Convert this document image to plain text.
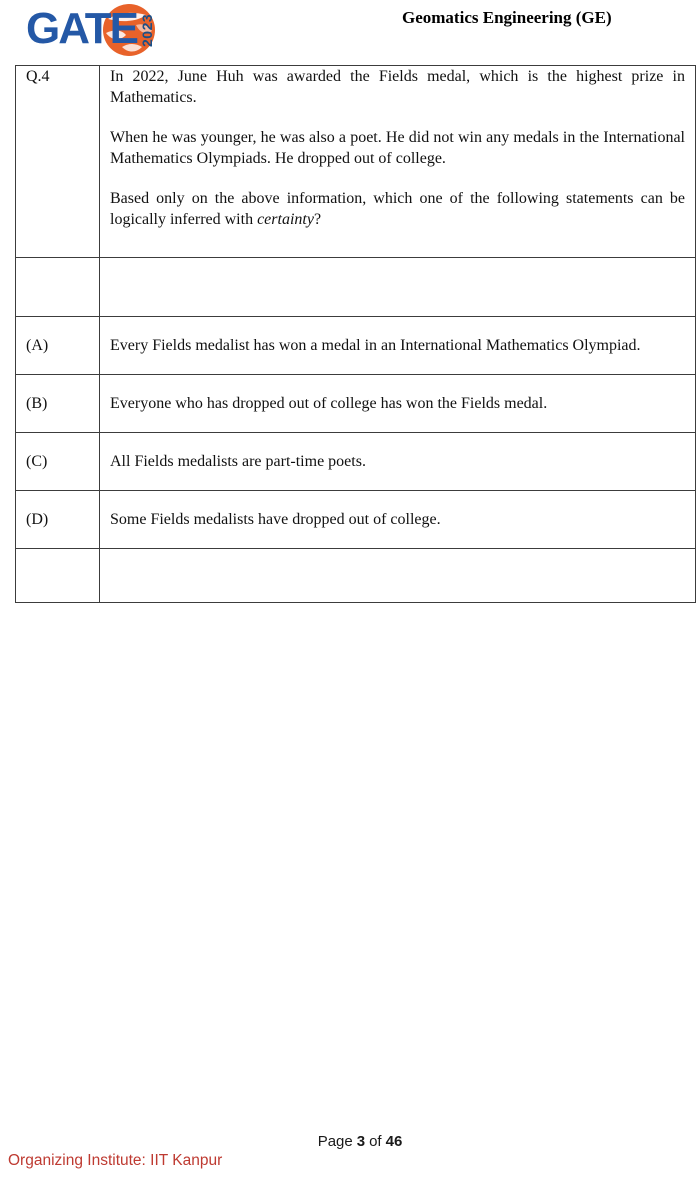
GATE 2023	Geomatics Engineering (GE)
Q.4	In 2022, June Huh was awarded the Fields medal, which is the highest prize in Mathematics.

When he was younger, he was also a poet. He did not win any medals in the International Mathematics Olympiads. He dropped out of college.

Based only on the above information, which one of the following statements can be logically inferred with certainty?

(A)	Every Fields medalist has won a medal in an International Mathematics Olympiad.
(B)	Everyone who has dropped out of college has won the Fields medal.
(C)	All Fields medalists are part-time poets.
(D)	Some Fields medalists have dropped out of college.

Page 3 of 46
Organizing Institute: IIT Kanpur
